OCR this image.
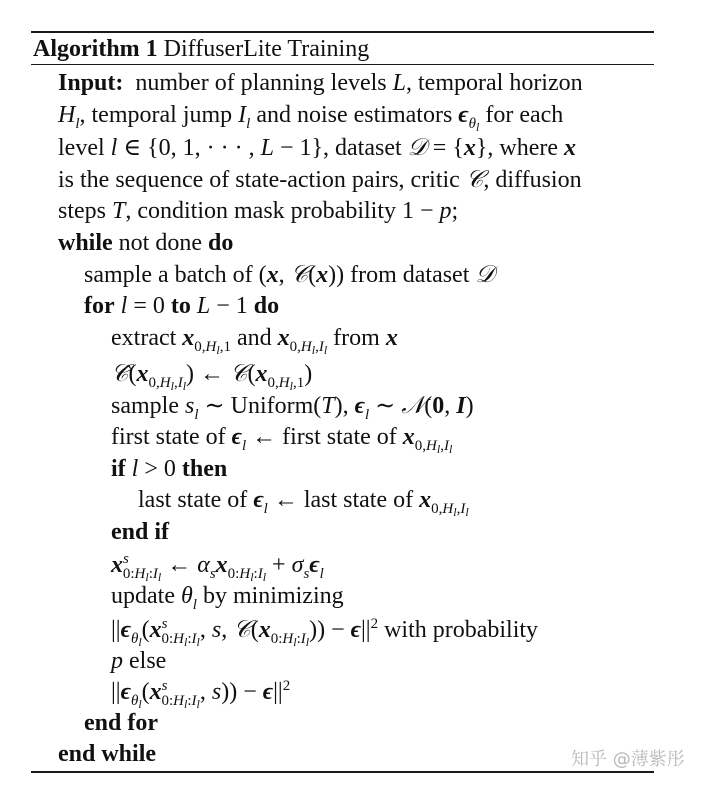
Algorithm 1 DiffuserLite Training
Input: number of planning levels L, temporal horizon
$H_l$, temporal jump $I_l$ and noise estimators $\epsilon_{\theta_l}$ for each
level l ∈ {0, 1, · · · , L − 1}, dataset 𝒟 = {x}, where x
is the sequence of state-action pairs, critic 𝒞, diffusion
steps T, condition mask probability 1 − p;
while not done do
sample a batch of (x, 𝒞(x)) from dataset 𝒟
for l = 0 to L − 1 do
extract $x_{0,H_l,1}$ and $x_{0,H_l,I_l}$ from x
$𝒞̂(x_{0,H_l,I_l})$ ← $𝒞(x_{0,H_l,1})$
sample $s_l$ ∼ Uniform(T), $\epsilon_l$ ∼ 𝒩(0, I)
first state of $\epsilon_l$ ← first state of $x_{0,H_l,I_l}$
if l > 0 then
last state of $\epsilon_l$ ← last state of $x_{0,H_l,I_l}$
end if
$x^s_{0:H_l:I_l}$ ← $\alpha_sx_{0:H_l:I_l} + \sigma_s\epsilon_l$
update $\theta_l$ by minimizing
$||\epsilon_{\theta_l}(x^s_{0:H_l:I_l}$, s, $𝒞(x_{0:H_l:I_l})) - \epsilon||^2$ with probability
p else
$||\epsilon_{\theta_l}(x^s_{0:H_l:I_l}$, $s)) - \epsilon||^2$
end for
end while	知乎 @薄紫彤
